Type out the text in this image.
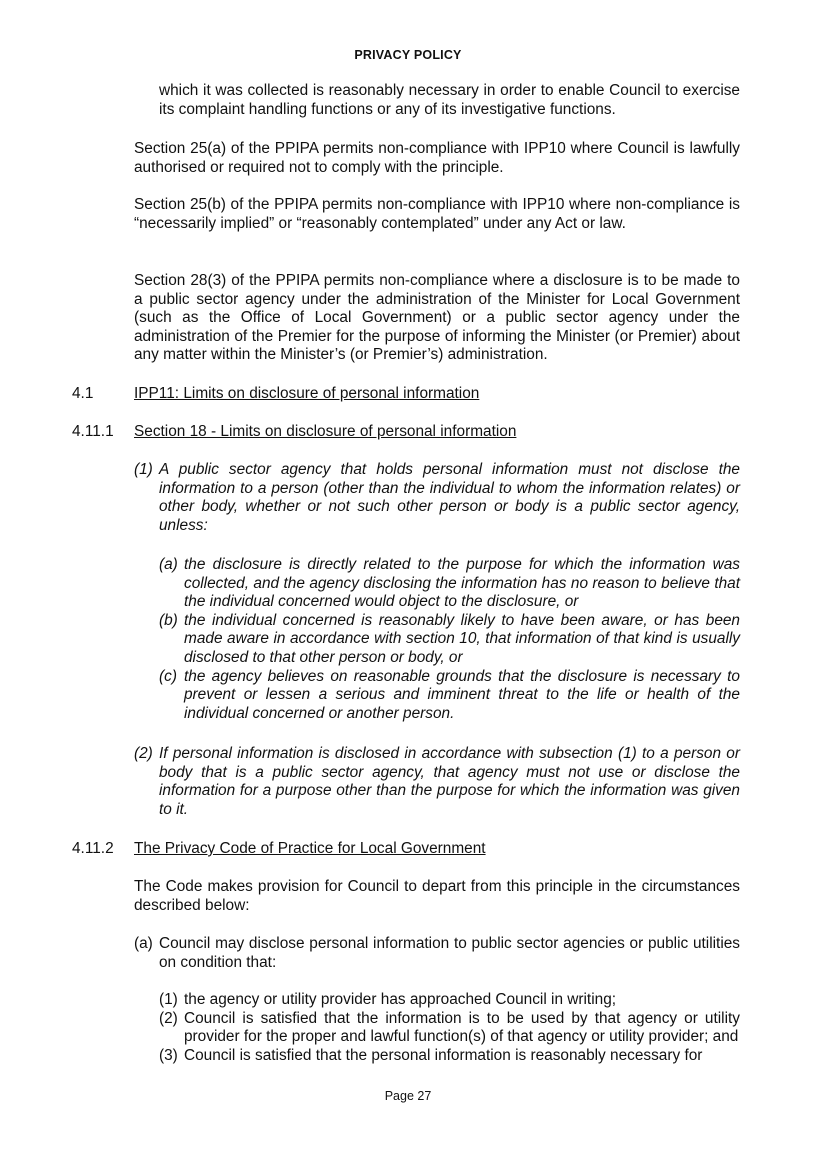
PRIVACY POLICY
which it was collected is reasonably necessary in order to enable Council to exercise its complaint handling functions or any of its investigative functions.
Section 25(a) of the PPIPA permits non-compliance with IPP10 where Council is lawfully authorised or required not to comply with the principle.
Section 25(b) of the PPIPA permits non-compliance with IPP10 where non-compliance is “necessarily implied” or “reasonably contemplated” under any Act or law.
Section 28(3) of the PPIPA permits non-compliance where a disclosure is to be made to a public sector agency under the administration of the Minister for Local Government (such as the Office of Local Government) or a public sector agency under the administration of the Premier for the purpose of informing the Minister (or Premier) about any matter within the Minister’s (or Premier’s) administration.
4.1	IPP11: Limits on disclosure of personal information
4.11.1 Section 18 - Limits on disclosure of personal information
(1) A public sector agency that holds personal information must not disclose the information to a person (other than the individual to whom the information relates) or other body, whether or not such other person or body is a public sector agency, unless:
(a) the disclosure is directly related to the purpose for which the information was collected, and the agency disclosing the information has no reason to believe that the individual concerned would object to the disclosure, or
(b) the individual concerned is reasonably likely to have been aware, or has been made aware in accordance with section 10, that information of that kind is usually disclosed to that other person or body, or
(c) the agency believes on reasonable grounds that the disclosure is necessary to prevent or lessen a serious and imminent threat to the life or health of the individual concerned or another person.
(2) If personal information is disclosed in accordance with subsection (1) to a person or body that is a public sector agency, that agency must not use or disclose the information for a purpose other than the purpose for which the information was given to it.
4.11.2 The Privacy Code of Practice for Local Government
The Code makes provision for Council to depart from this principle in the circumstances described below:
(a) Council may disclose personal information to public sector agencies or public utilities on condition that:
(1) the agency or utility provider has approached Council in writing;
(2) Council is satisfied that the information is to be used by that agency or utility provider for the proper and lawful function(s) of that agency or utility provider; and
(3) Council is satisfied that the personal information is reasonably necessary for
Page 27
